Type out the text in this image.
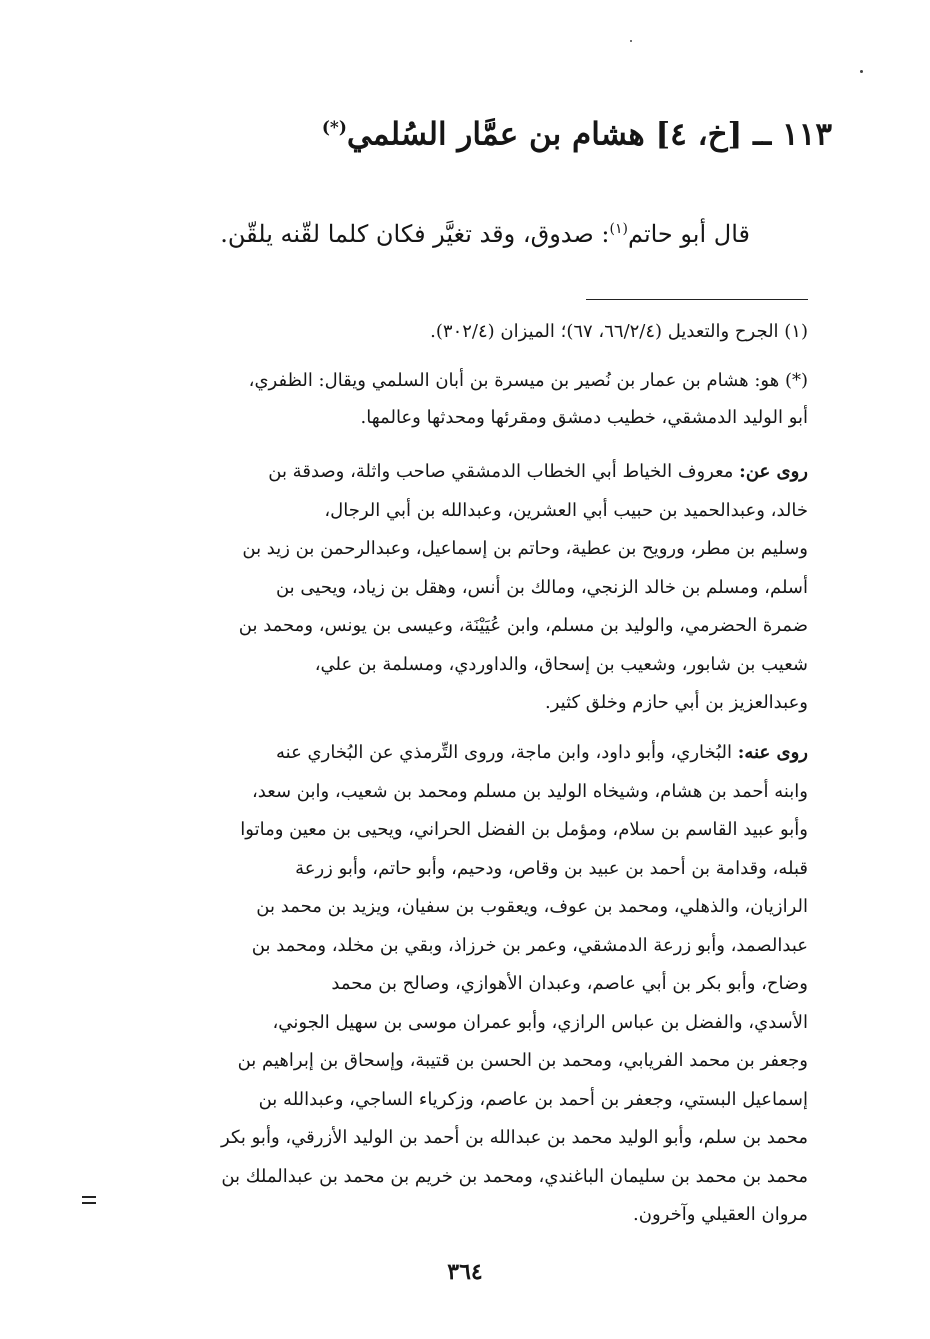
١١٣ ــ [خ، ٤] هشام بن عمَّار السُلمي(*)
قال أبو حاتم$^{(١)}$: صدوق، وقد تغيَّر فكان كلما لقّنه يلقّن.
(١) الجرح والتعديل (٦٦/٢/٤، ٦٧)؛ الميزان (٣٠٢/٤).
(*) هو: هشام بن عمار بن نُصير بن ميسرة بن أبان السلمي ويقال: الظفري،
أبو الوليد الدمشقي، خطيب دمشق ومقرئها ومحدثها وعالمها.
روى عن: معروف الخياط أبي الخطاب الدمشقي صاحب واثلة، وصدقة بن
خالد، وعبدالحميد بن حبيب أبي العشرين، وعبدالله بن أبي الرجال،
وسليم بن مطر، ورويح بن عطية، وحاتم بن إسماعيل، وعبدالرحمن بن زيد بن
أسلم، ومسلم بن خالد الزنجي، ومالك بن أنس، وهقل بن زياد، ويحيى بن
ضمرة الحضرمي، والوليد بن مسلم، وابن عُيَيْنَة، وعيسى بن يونس، ومحمد بن
شعيب بن شابور، وشعيب بن إسحاق، والداوردي، ومسلمة بن علي،
وعبدالعزيز بن أبي حازم وخلق كثير.
روى عنه: البُخاري، وأبو داود، وابن ماجة، وروى التِّرمذي عن البُخاري عنه
وابنه أحمد بن هشام، وشيخاه الوليد بن مسلم ومحمد بن شعيب، وابن سعد،
وأبو عبيد القاسم بن سلام، ومؤمل بن الفضل الحراني، ويحيى بن معين وماتوا
قبله، وقدامة بن أحمد بن عبيد بن وقاص، ودحيم، وأبو حاتم، وأبو زرعة
الرازيان، والذهلي، ومحمد بن عوف، ويعقوب بن سفيان، ويزيد بن محمد بن
عبدالصمد، وأبو زرعة الدمشقي، وعمر بن خرزاذ، وبقي بن مخلد، ومحمد بن
وضاح، وأبو بكر بن أبي عاصم، وعبدان الأهوازي، وصالح بن محمد
الأسدي، والفضل بن عباس الرازي، وأبو عمران موسى بن سهيل الجوني،
وجعفر بن محمد الفريابي، ومحمد بن الحسن بن قتيبة، وإسحاق بن إبراهيم بن
إسماعيل البستي، وجعفر بن أحمد بن عاصم، وزكرياء الساجي، وعبدالله بن
محمد بن سلم، وأبو الوليد محمد بن عبدالله بن أحمد بن الوليد الأزرقي، وأبو بكر
محمد بن محمد بن سليمان الباغندي، ومحمد بن خريم بن محمد بن عبدالملك بن
مروان العقيلي وآخرون.
٣٦٤
